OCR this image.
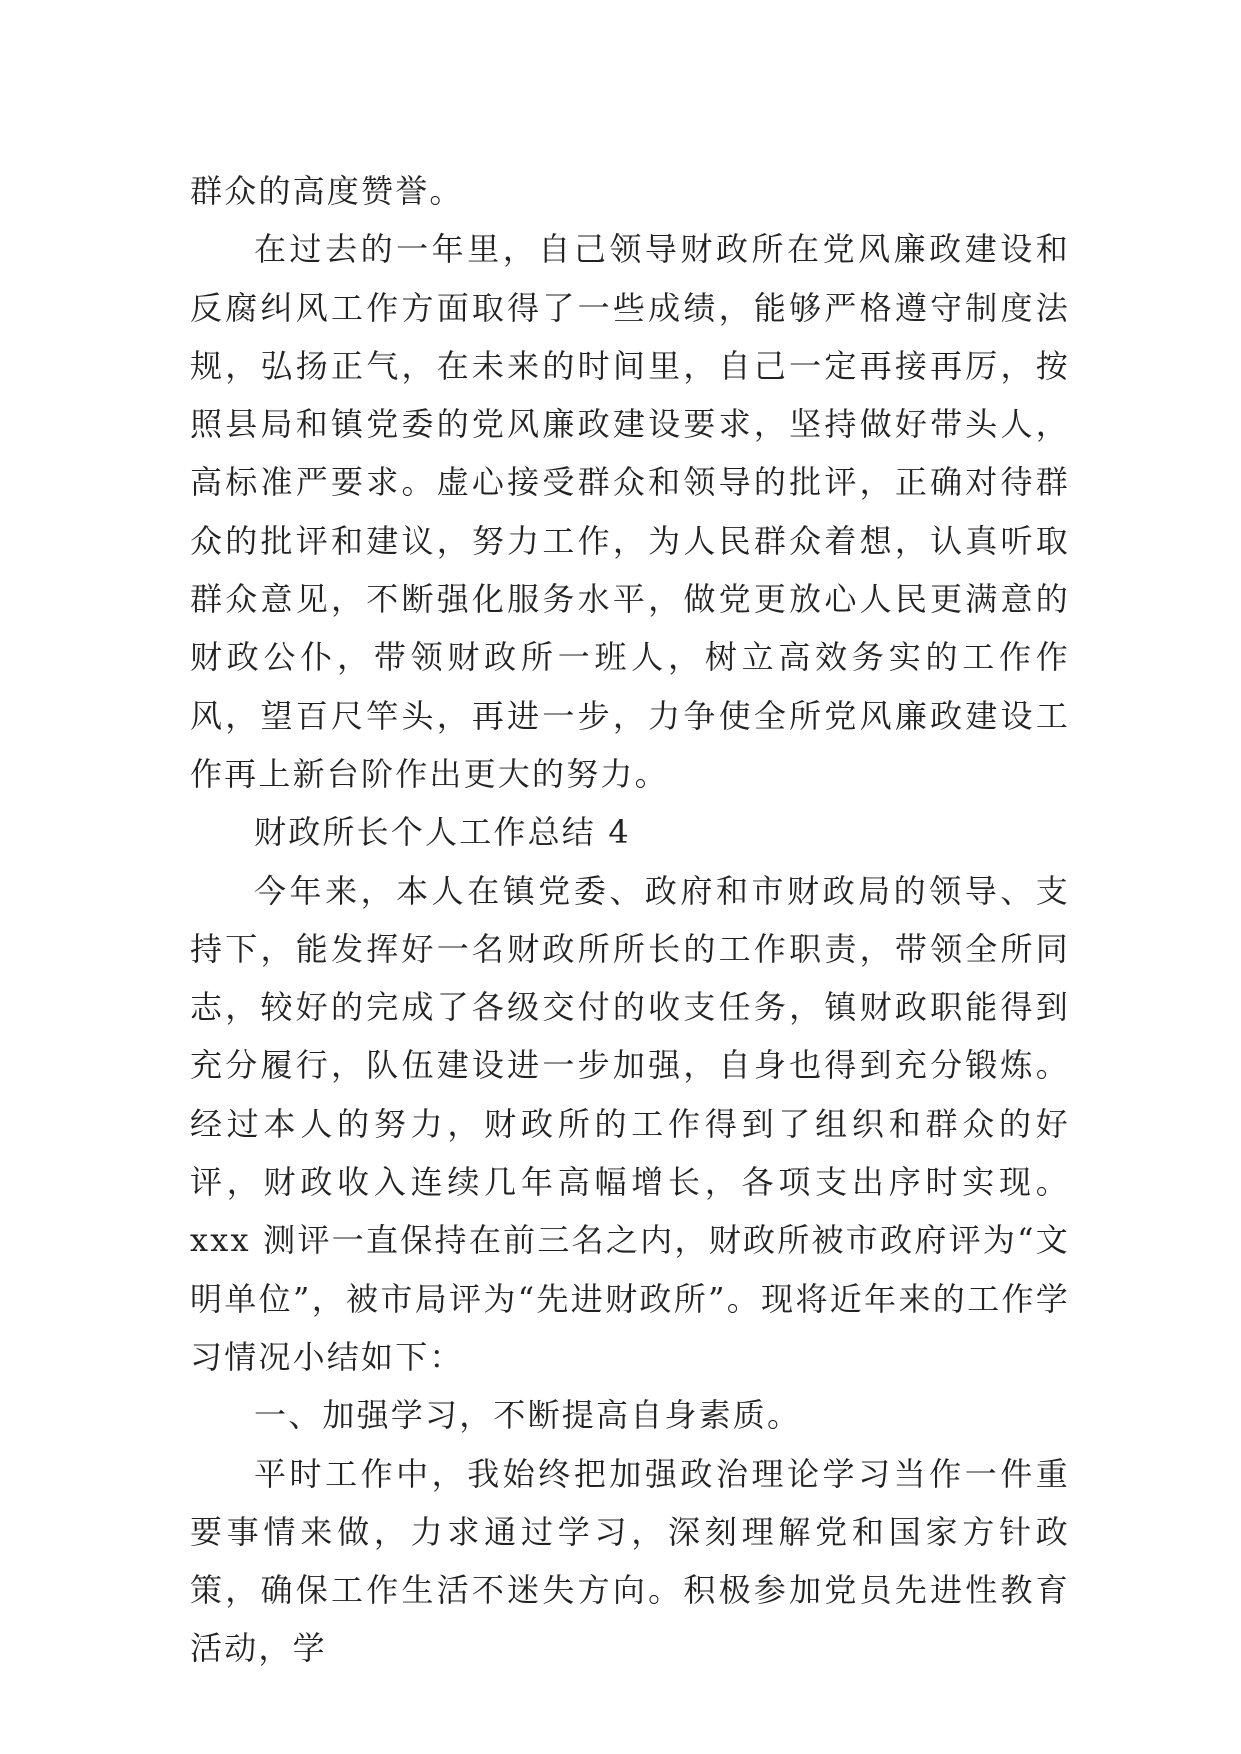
群众的高度赞誉。

在过去的一年里，自己领导财政所在党风廉政建设和反腐纠风工作方面取得了一些成绩，能够严格遵守制度法规，弘扬正气，在未来的时间里，自己一定再接再厉，按照县局和镇党委的党风廉政建设要求，坚持做好带头人，高标准严要求。虚心接受群众和领导的批评，正确对待群众的批评和建议，努力工作，为人民群众着想，认真听取群众意见，不断强化服务水平，做党更放心人民更满意的财政公仆，带领财政所一班人，树立高效务实的工作作风，望百尺竿头，再进一步，力争使全所党风廉政建设工作再上新台阶作出更大的努力。

财政所长个人工作总结 4

今年来，本人在镇党委、政府和市财政局的领导、支持下，能发挥好一名财政所所长的工作职责，带领全所同志，较好的完成了各级交付的收支任务，镇财政职能得到充分履行，队伍建设进一步加强，自身也得到充分锻炼。经过本人的努力，财政所的工作得到了组织和群众的好评，财政收入连续几年高幅增长，各项支出序时实现。xxx 测评一直保持在前三名之内，财政所被市政府评为“文明单位”，被市局评为“先进财政所”。现将近年来的工作学习情况小结如下：

一、加强学习，不断提高自身素质。

平时工作中，我始终把加强政治理论学习当作一件重要事情来做，力求通过学习，深刻理解党和国家方针政策，确保工作生活不迷失方向。积极参加党员先进性教育活动，学
